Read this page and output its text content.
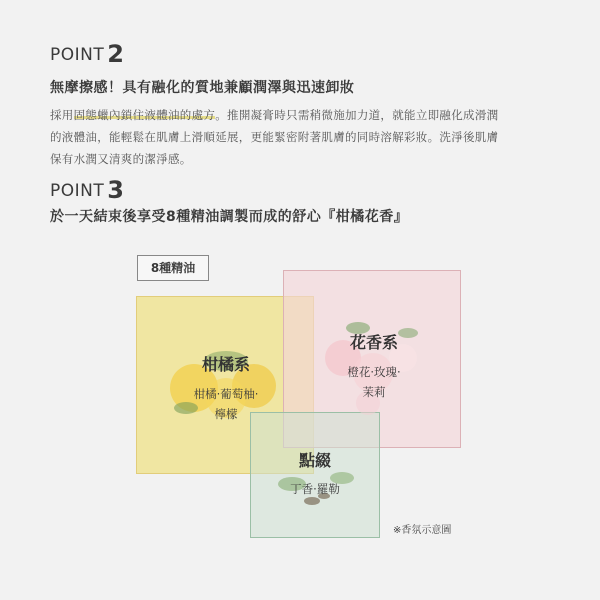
POINT 2
無摩擦感！具有融化的質地兼顧潤澤與迅速卸妝
採用固態蠟內鎖住液體油的處方。推開凝膏時只需稍微施加力道，就能立即融化成滑潤
的液體油，能輕鬆在肌膚上滑順延展，更能緊密附著肌膚的同時溶解彩妝。洗淨後肌膚
保有水潤又清爽的潔淨感。
POINT 3
於一天結束後享受8種精油調製而成的舒心『柑橘花香』
8種精油
柑橘系
柑橘‧葡萄柚‧
檸檬
花香系
橙花‧玫瑰‧
茉莉
點綴
丁香‧羅勒
※香氛示意圖
